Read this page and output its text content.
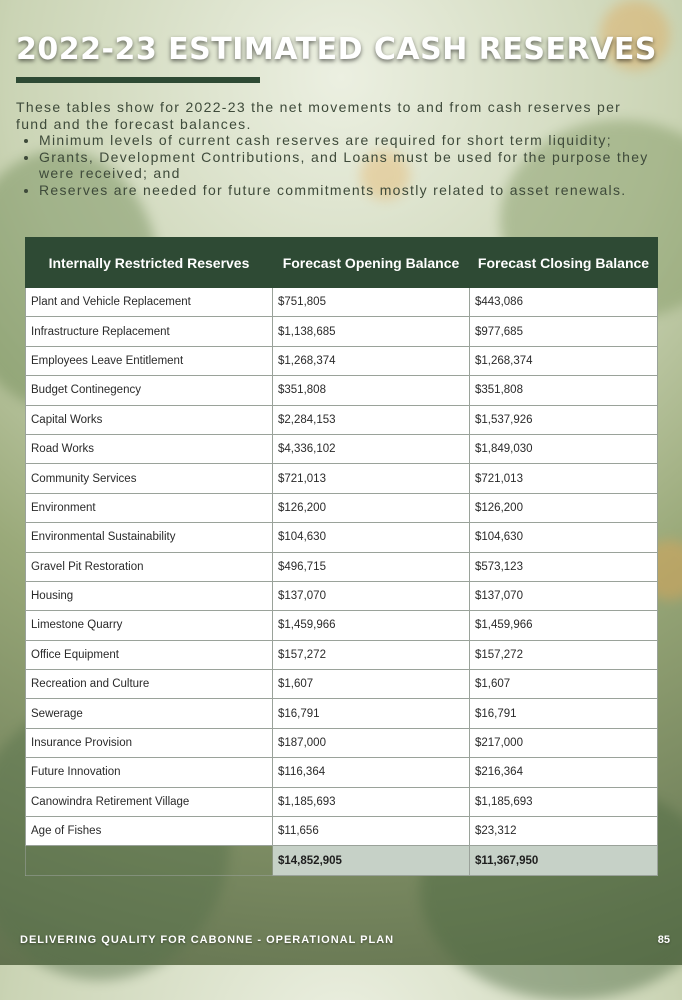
2022-23 ESTIMATED CASH RESERVES

These tables show for 2022-23 the net movements to and from cash reserves per fund and the forecast balances.

• Minimum levels of current cash reserves are required for short term liquidity;
• Grants, Development Contributions, and Loans must be used for the purpose they were received; and
• Reserves are needed for future commitments mostly related to asset renewals.
Internally Restricted Reserves	Forecast Opening Balance	Forecast Closing Balance
Plant and Vehicle Replacement	$751,805	$443,086
Infrastructure Replacement	$1,138,685	$977,685
Employees Leave Entitlement	$1,268,374	$1,268,374
Budget Continegency	$351,808	$351,808
Capital Works	$2,284,153	$1,537,926
Road Works	$4,336,102	$1,849,030
Community Services	$721,013	$721,013
Environment	$126,200	$126,200
Environmental Sustainability	$104,630	$104,630
Gravel Pit Restoration	$496,715	$573,123
Housing	$137,070	$137,070
Limestone Quarry	$1,459,966	$1,459,966
Office Equipment	$157,272	$157,272
Recreation and Culture	$1,607	$1,607
Sewerage	$16,791	$16,791
Insurance Provision	$187,000	$217,000
Future Innovation	$116,364	$216,364
Canowindra Retirement Village	$1,185,693	$1,185,693
Age of Fishes	$11,656	$23,312
	$14,852,905	$11,367,950
DELIVERING QUALITY FOR CABONNE - OPERATIONAL PLAN	85
